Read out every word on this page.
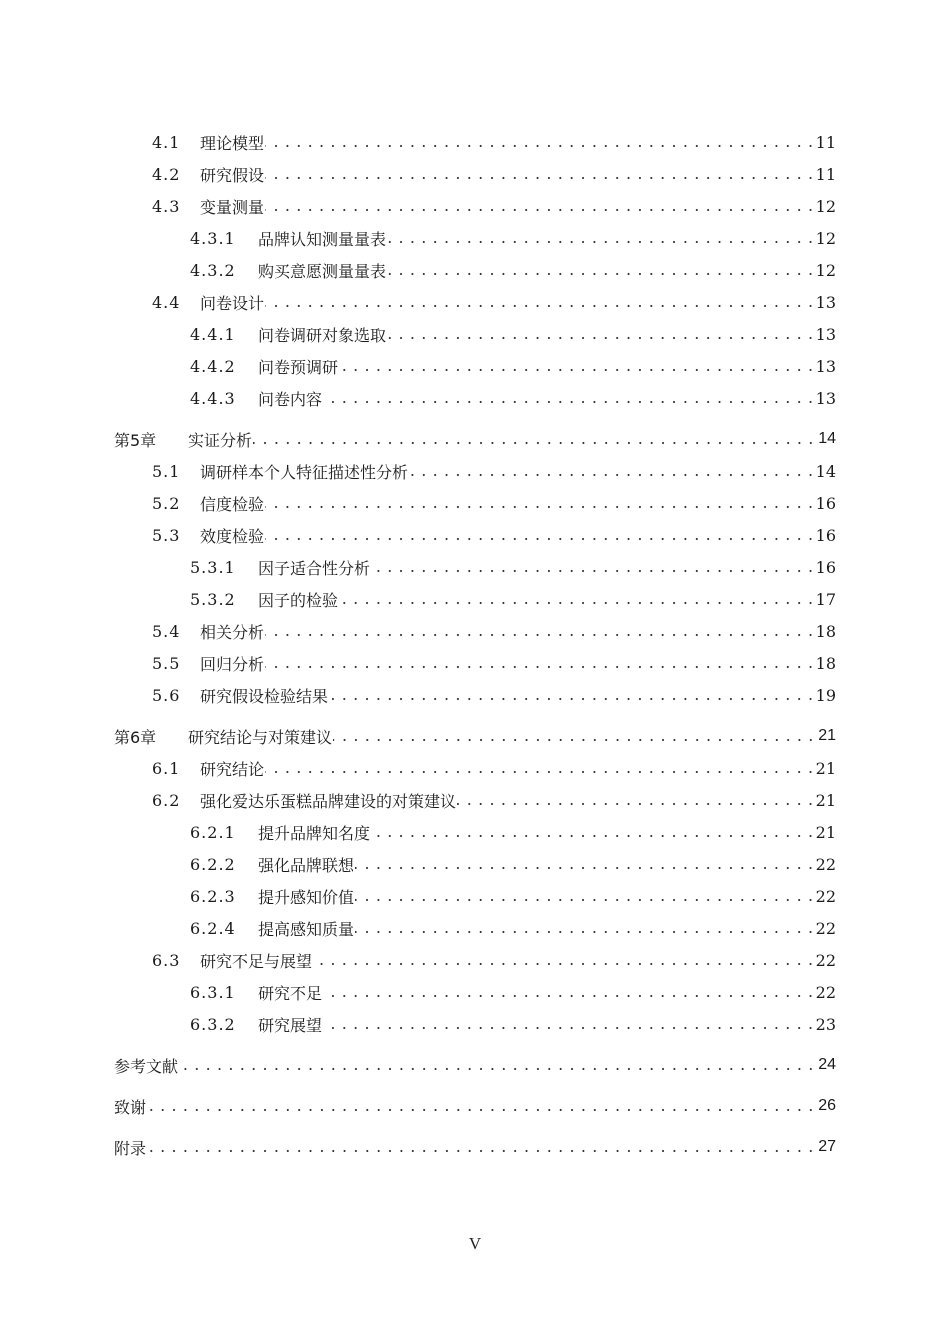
4.1	理论模型 . . .	11
4.2	研究假设 . . .	11
4.3	变量测量 . . .	12
4.3.1	品牌认知测量量表 . . .	12
4.3.2	购买意愿测量量表 . . .	12
4.4	问卷设计 . . .	13
4.4.1	问卷调研对象选取 . . .	13
4.4.2	问卷预调研 . . .	13
4.4.3	问卷内容 . . .	13
第5章	实证分析 . . .	14
5.1	调研样本个人特征描述性分析 . . .	14
5.2	信度检验 . . .	16
5.3	效度检验 . . .	16
5.3.1	因子适合性分析 . . .	16
5.3.2	因子的检验 . . .	17
5.4	相关分析 . . .	18
5.5	回归分析 . . .	18
5.6	研究假设检验结果 . . .	19
第6章	研究结论与对策建议 . . .	21
6.1	研究结论 . . .	21
6.2	强化爱达乐蛋糕品牌建设的对策建议 . . .	21
6.2.1	提升品牌知名度 . . .	21
6.2.2	强化品牌联想 . . .	22
6.2.3	提升感知价值 . . .	22
6.2.4	提高感知质量 . . .	22
6.3	研究不足与展望 . . .	22
6.3.1	研究不足 . . .	22
6.3.2	研究展望 . . .	23
参考文献 . . .	24
致谢 . . .	26
附录 . . .	27
V
